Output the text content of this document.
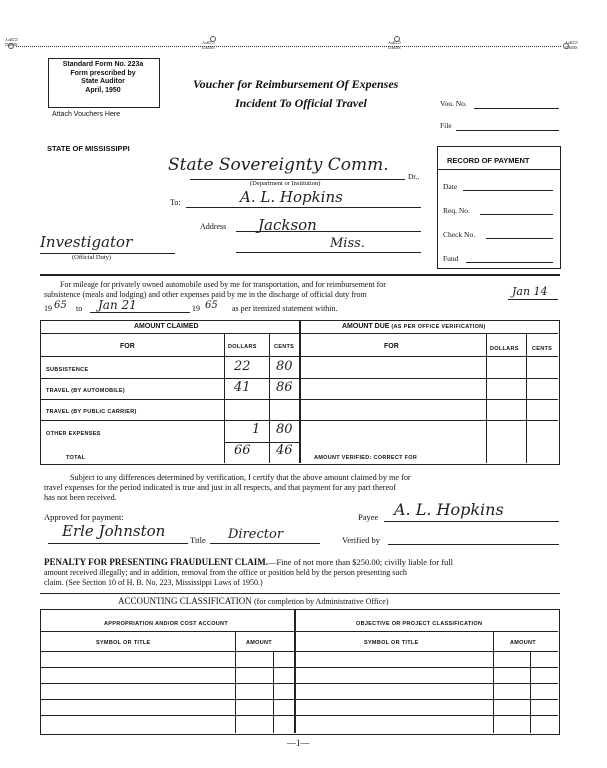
XERO
COPY
XERO
COPY
XERO
COPY
XERO
COPY
Standard Form No. 223a
Form prescribed by
State Auditor
April, 1950
Attach Vouchers Here
Voucher for Reimbursement Of Expenses
Incident To Official Travel	Vou. No.
File
STATE OF MISSISSIPPI
State Sovereignty Comm.
Dr.,
(Department or Institution)
To:	A. L. Hopkins
Address Jackson
Miss.
Investigator
(Official Duty)
RECORD OF PAYMENT
Date
Req. No.
Check No.
Fund
For mileage for privately owned automobile used by me for transportation, and for reimbursement for
subsistence (meals and lodging) and other expenses paid by me in the discharge of official duty from	Jan 14
19 65 to Jan 21	19 65 as per itemized statement within.
AMOUNT CLAIMED	AMOUNT DUE (AS PER OFFICE VERIFICATION)
FOR	DOLLARS	CENTS	FOR	DOLLARS CENTS
SUBSISTENCE	22 80
TRAVEL (BY AUTOMOBILE)	41 86
TRAVEL (BY PUBLIC CARRIER)
OTHER EXPENSES	1 80
TOTAL	66 46	AMOUNT VERIFIED: CORRECT FOR
Subject to any differences determined by verification, I certify that the above amount claimed by me for
travel expenses for the period indicated is true and just in all respects, and that payment for any part thereof
has not been received.
Approved for payment:
Erle Johnston	Title Director
Payee A. L. Hopkins
Verified by
PENALTY FOR PRESENTING FRAUDULENT CLAIM.—Fine of not more than $250.00; civilly liable for full
amount received illegally; and in addition, removal from the office or position held by the person presenting such
claim. (See Section 10 of H. B. No. 223, Mississippi Laws of 1950.)
ACCOUNTING CLASSIFICATION (for completion by Administrative Office)
APPROPRIATION AND/OR COST ACCOUNT	OBJECTIVE OR PROJECT CLASSIFICATION
SYMBOL OR TITLE	AMOUNT	SYMBOL OR TITLE	AMOUNT
—1—
